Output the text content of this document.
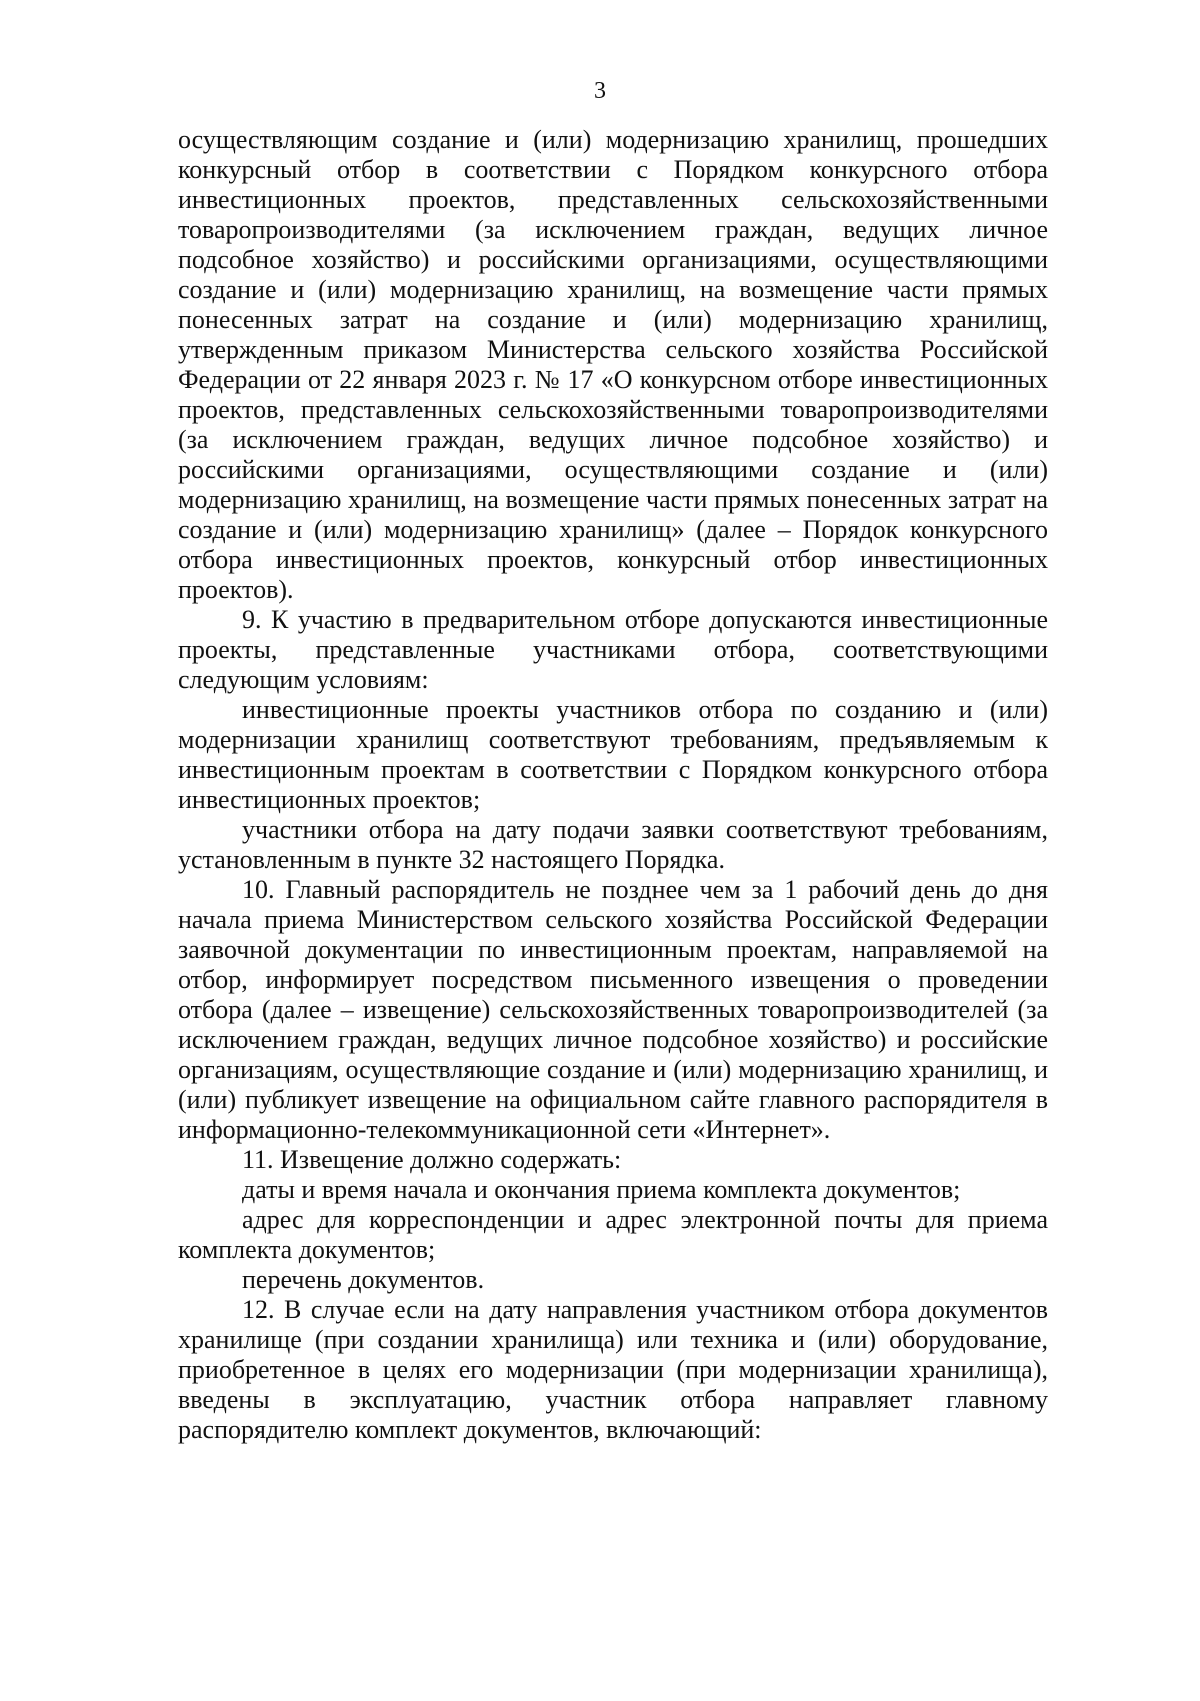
3

осуществляющим создание и (или) модернизацию хранилищ, прошедших конкурсный отбор в соответствии с Порядком конкурсного отбора инвестиционных проектов, представленных сельскохозяйственными товаропроизводителями (за исключением граждан, ведущих личное подсобное хозяйство) и российскими организациями, осуществляющими создание и (или) модернизацию хранилищ, на возмещение части прямых понесенных затрат на создание и (или) модернизацию хранилищ, утвержденным приказом Министерства сельского хозяйства Российской Федерации от 22 января 2023 г. № 17 «О конкурсном отборе инвестиционных проектов, представленных сельскохозяйственными товаропроизводителями (за исключением граждан, ведущих личное подсобное хозяйство) и российскими организациями, осуществляющими создание и (или) модернизацию хранилищ, на возмещение части прямых понесенных затрат на создание и (или) модернизацию хранилищ» (далее – Порядок конкурсного отбора инвестиционных проектов, конкурсный отбор инвестиционных проектов).

9. К участию в предварительном отборе допускаются инвестиционные проекты, представленные участниками отбора, соответствующими следующим условиям:

инвестиционные проекты участников отбора по созданию и (или) модернизации хранилищ соответствуют требованиям, предъявляемым к инвестиционным проектам в соответствии с Порядком конкурсного отбора инвестиционных проектов;

участники отбора на дату подачи заявки соответствуют требованиям, установленным в пункте 32 настоящего Порядка.

10. Главный распорядитель не позднее чем за 1 рабочий день до дня начала приема Министерством сельского хозяйства Российской Федерации заявочной документации по инвестиционным проектам, направляемой на отбор, информирует посредством письменного извещения о проведении отбора (далее – извещение) сельскохозяйственных товаропроизводителей (за исключением граждан, ведущих личное подсобное хозяйство) и российские организациям, осуществляющие создание и (или) модернизацию хранилищ, и (или) публикует извещение на официальном сайте главного распорядителя в информационно-телекоммуникационной сети «Интернет».

11. Извещение должно содержать:

даты и время начала и окончания приема комплекта документов;

адрес для корреспонденции и адрес электронной почты для приема комплекта документов;

перечень документов.

12. В случае если на дату направления участником отбора документов хранилище (при создании хранилища) или техника и (или) оборудование, приобретенное в целях его модернизации (при модернизации хранилища), введены в эксплуатацию, участник отбора направляет главному распорядителю комплект документов, включающий:
